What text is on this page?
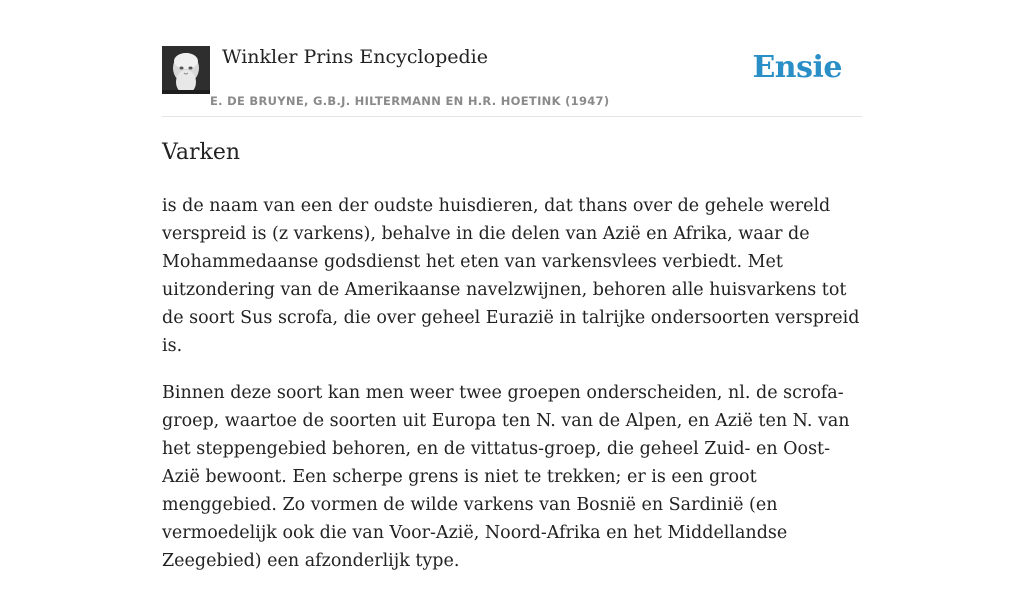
Winkler Prins Encyclopedie
E. DE BRUYNE, G.B.J. HILTERMANN EN H.R. HOETINK (1947)
Ensie
Varken

is de naam van een der oudste huisdieren, dat thans over de gehele wereld verspreid is (z varkens), behalve in die delen van Azië en Afrika, waar de Mohammedaanse godsdienst het eten van varkensvlees verbiedt. Met uitzondering van de Amerikaanse navelzwijnen, behoren alle huisvarkens tot de soort Sus scrofa, die over geheel Eurazië in talrijke ondersoorten verspreid is.

Binnen deze soort kan men weer twee groepen onderscheiden, nl. de scrofa-groep, waartoe de soorten uit Europa ten N. van de Alpen, en Azië ten N. van het steppengebied behoren, en de vittatus-groep, die geheel Zuid- en Oost-Azië bewoont. Een scherpe grens is niet te trekken; er is een groot menggebied. Zo vormen de wilde varkens van Bosnië en Sardinië (en vermoedelijk ook die van Voor-Azië, Noord-Afrika en het Middellandse Zeegebied) een afzonderlijk type.
